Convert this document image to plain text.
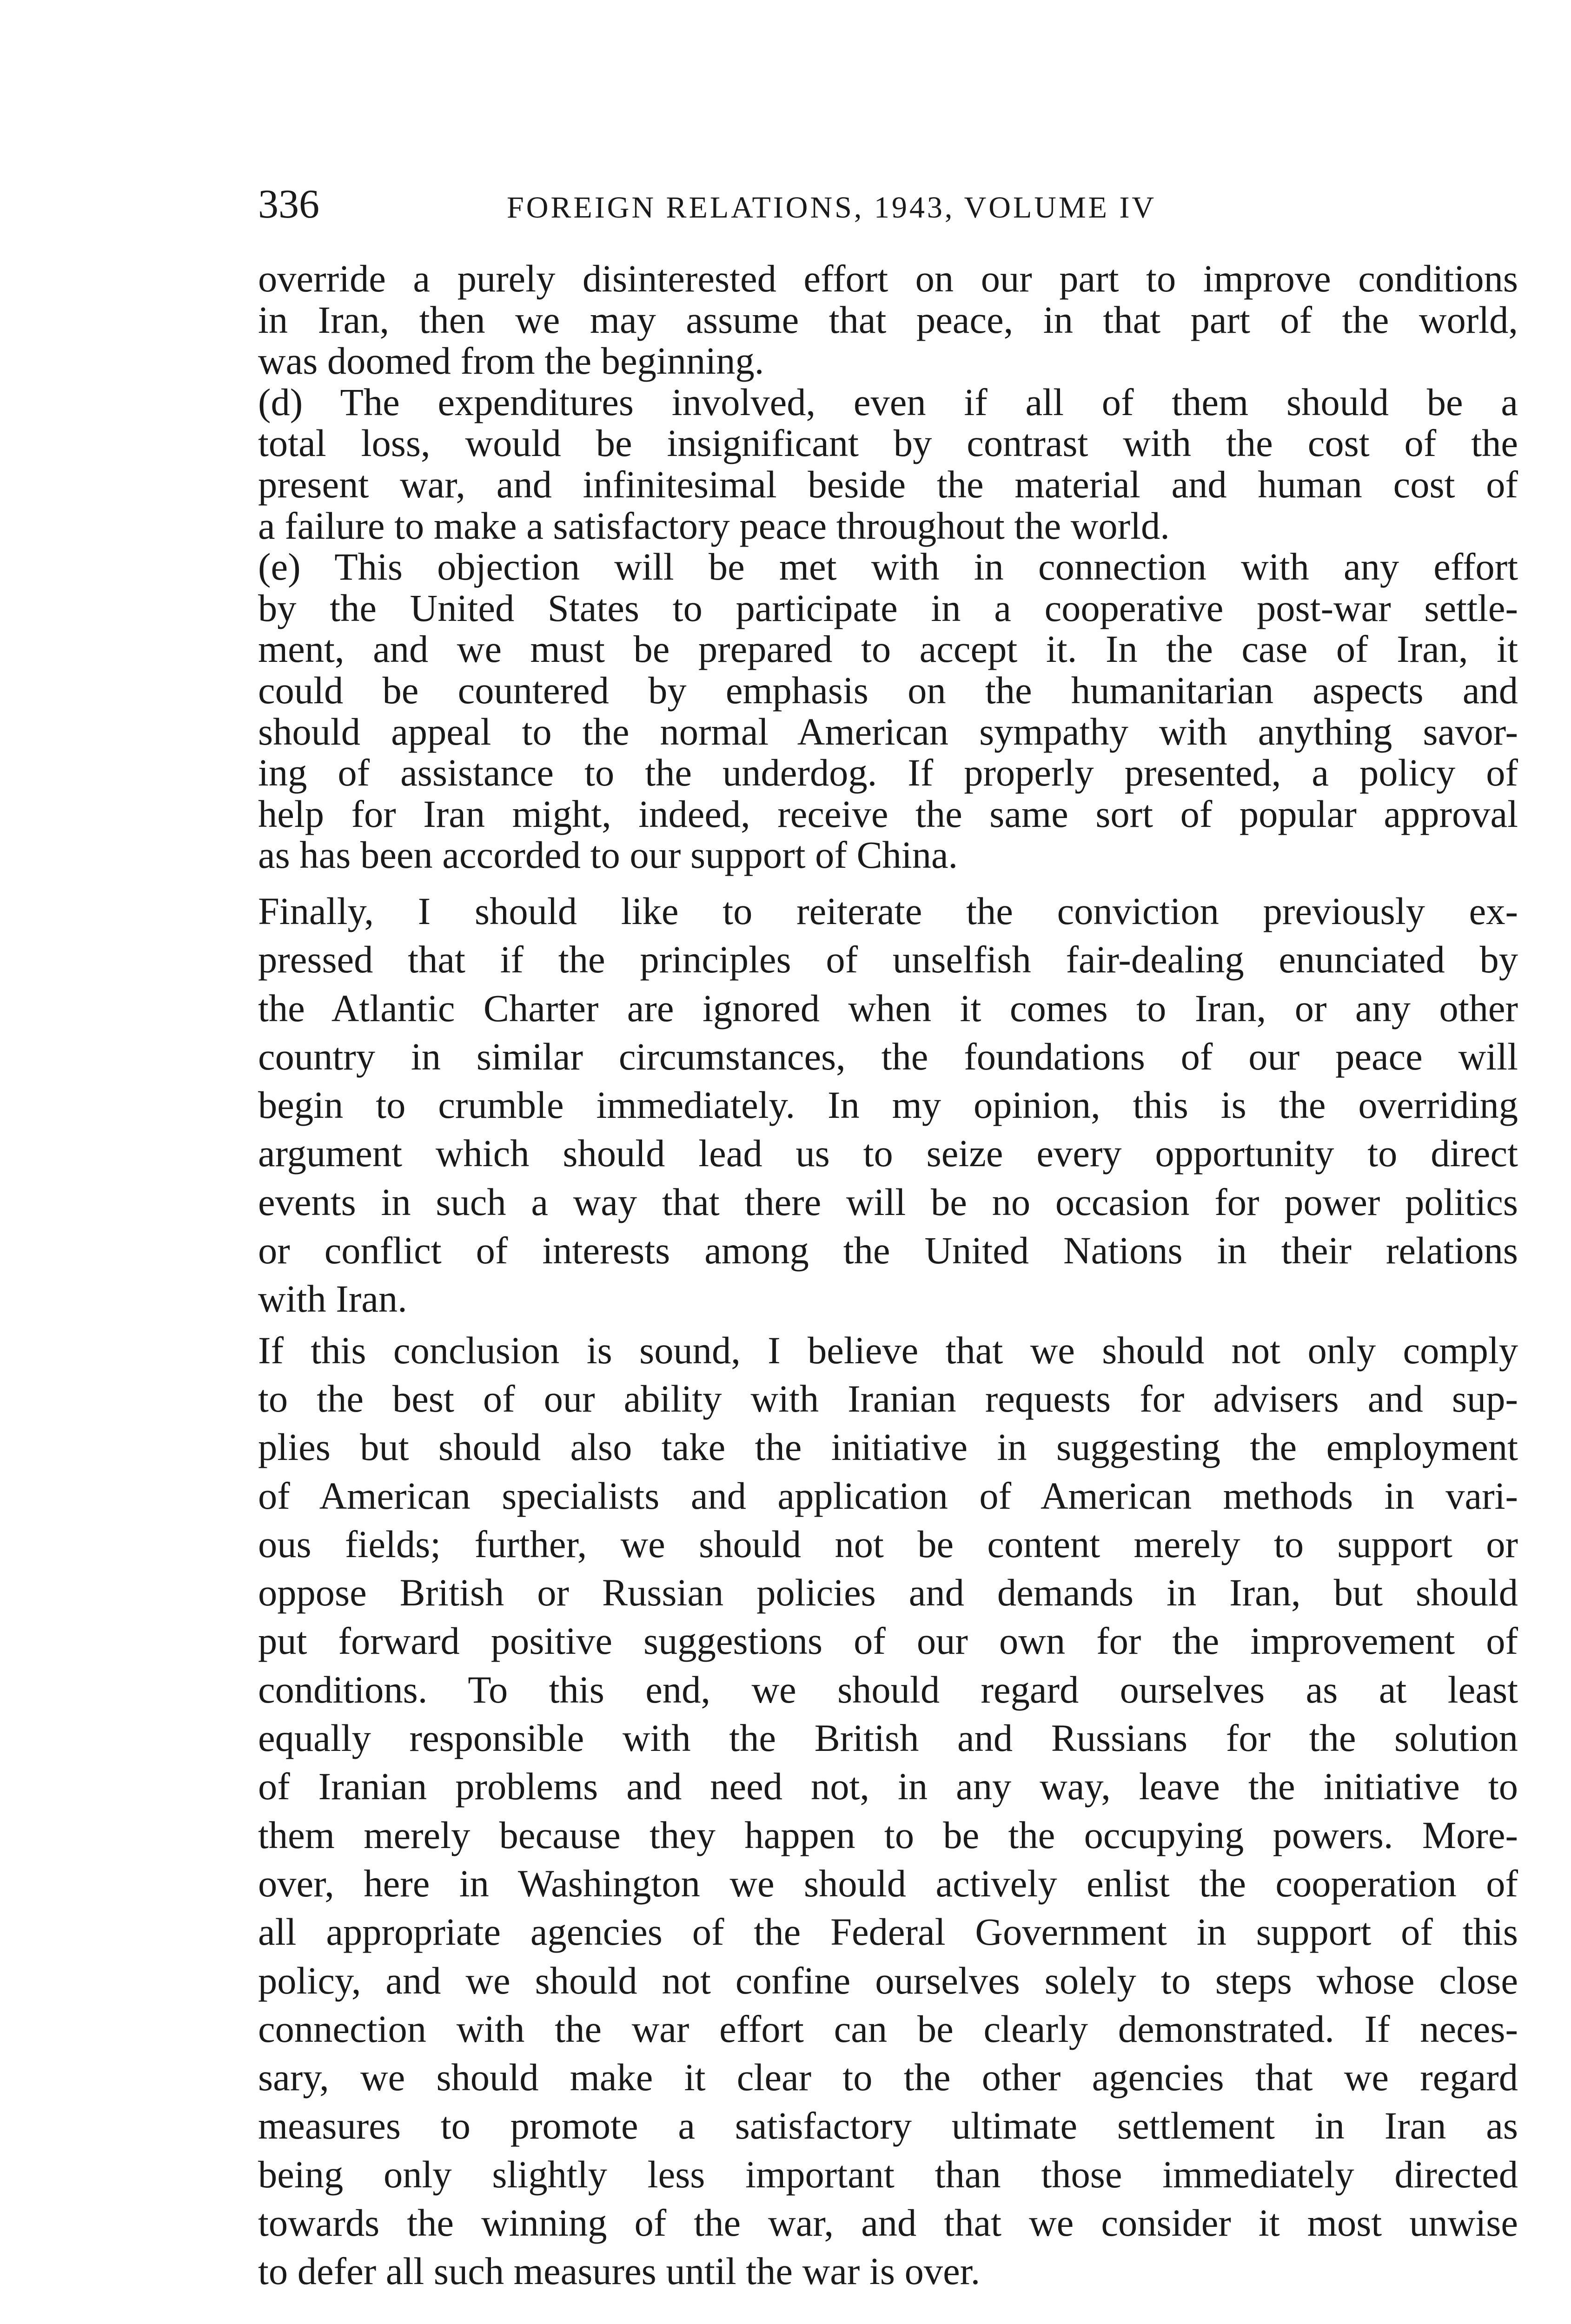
336	FOREIGN RELATIONS, 1943, VOLUME IV
override a purely disinterested effort on our part to improve conditions
in Iran, then we may assume that peace, in that part of the world,
was doomed from the beginning.
(d) The expenditures involved, even if all of them should be a
total loss, would be insignificant by contrast with the cost of the
present war, and infinitesimal beside the material and human cost of
a failure to make a satisfactory peace throughout the world.
(e) This objection will be met with in connection with any effort
by the United States to participate in a cooperative post-war settle-
ment, and we must be prepared to accept it. In the case of Iran, it
could be countered by emphasis on the humanitarian aspects and
should appeal to the normal American sympathy with anything savor-
ing of assistance to the underdog. If properly presented, a policy of
help for Iran might, indeed, receive the same sort of popular approval
as has been accorded to our support of China.
Finally, I should like to reiterate the conviction previously ex-
pressed that if the principles of unselfish fair-dealing enunciated by
the Atlantic Charter are ignored when it comes to Iran, or any other
country in similar circumstances, the foundations of our peace will
begin to crumble immediately. In my opinion, this is the overriding
argument which should lead us to seize every opportunity to direct
events in such a way that there will be no occasion for power politics
or conflict of interests among the United Nations in their relations
with Iran.
If this conclusion is sound, I believe that we should not only comply
to the best of our ability with Iranian requests for advisers and sup-
plies but should also take the initiative in suggesting the employment
of American specialists and application of American methods in vari-
ous fields; further, we should not be content merely to support or
oppose British or Russian policies and demands in Iran, but should
put forward positive suggestions of our own for the improvement of
conditions. To this end, we should regard ourselves as at least
equally responsible with the British and Russians for the solution
of Iranian problems and need not, in any way, leave the initiative to
them merely because they happen to be the occupying powers. More-
over, here in Washington we should actively enlist the cooperation of
all appropriate agencies of the Federal Government in support of this
policy, and we should not confine ourselves solely to steps whose close
connection with the war effort can be clearly demonstrated. If neces-
sary, we should make it clear to the other agencies that we regard
measures to promote a satisfactory ultimate settlement in Iran as
being only slightly less important than those immediately directed
towards the winning of the war, and that we consider it most unwise
to defer all such measures until the war is over.
